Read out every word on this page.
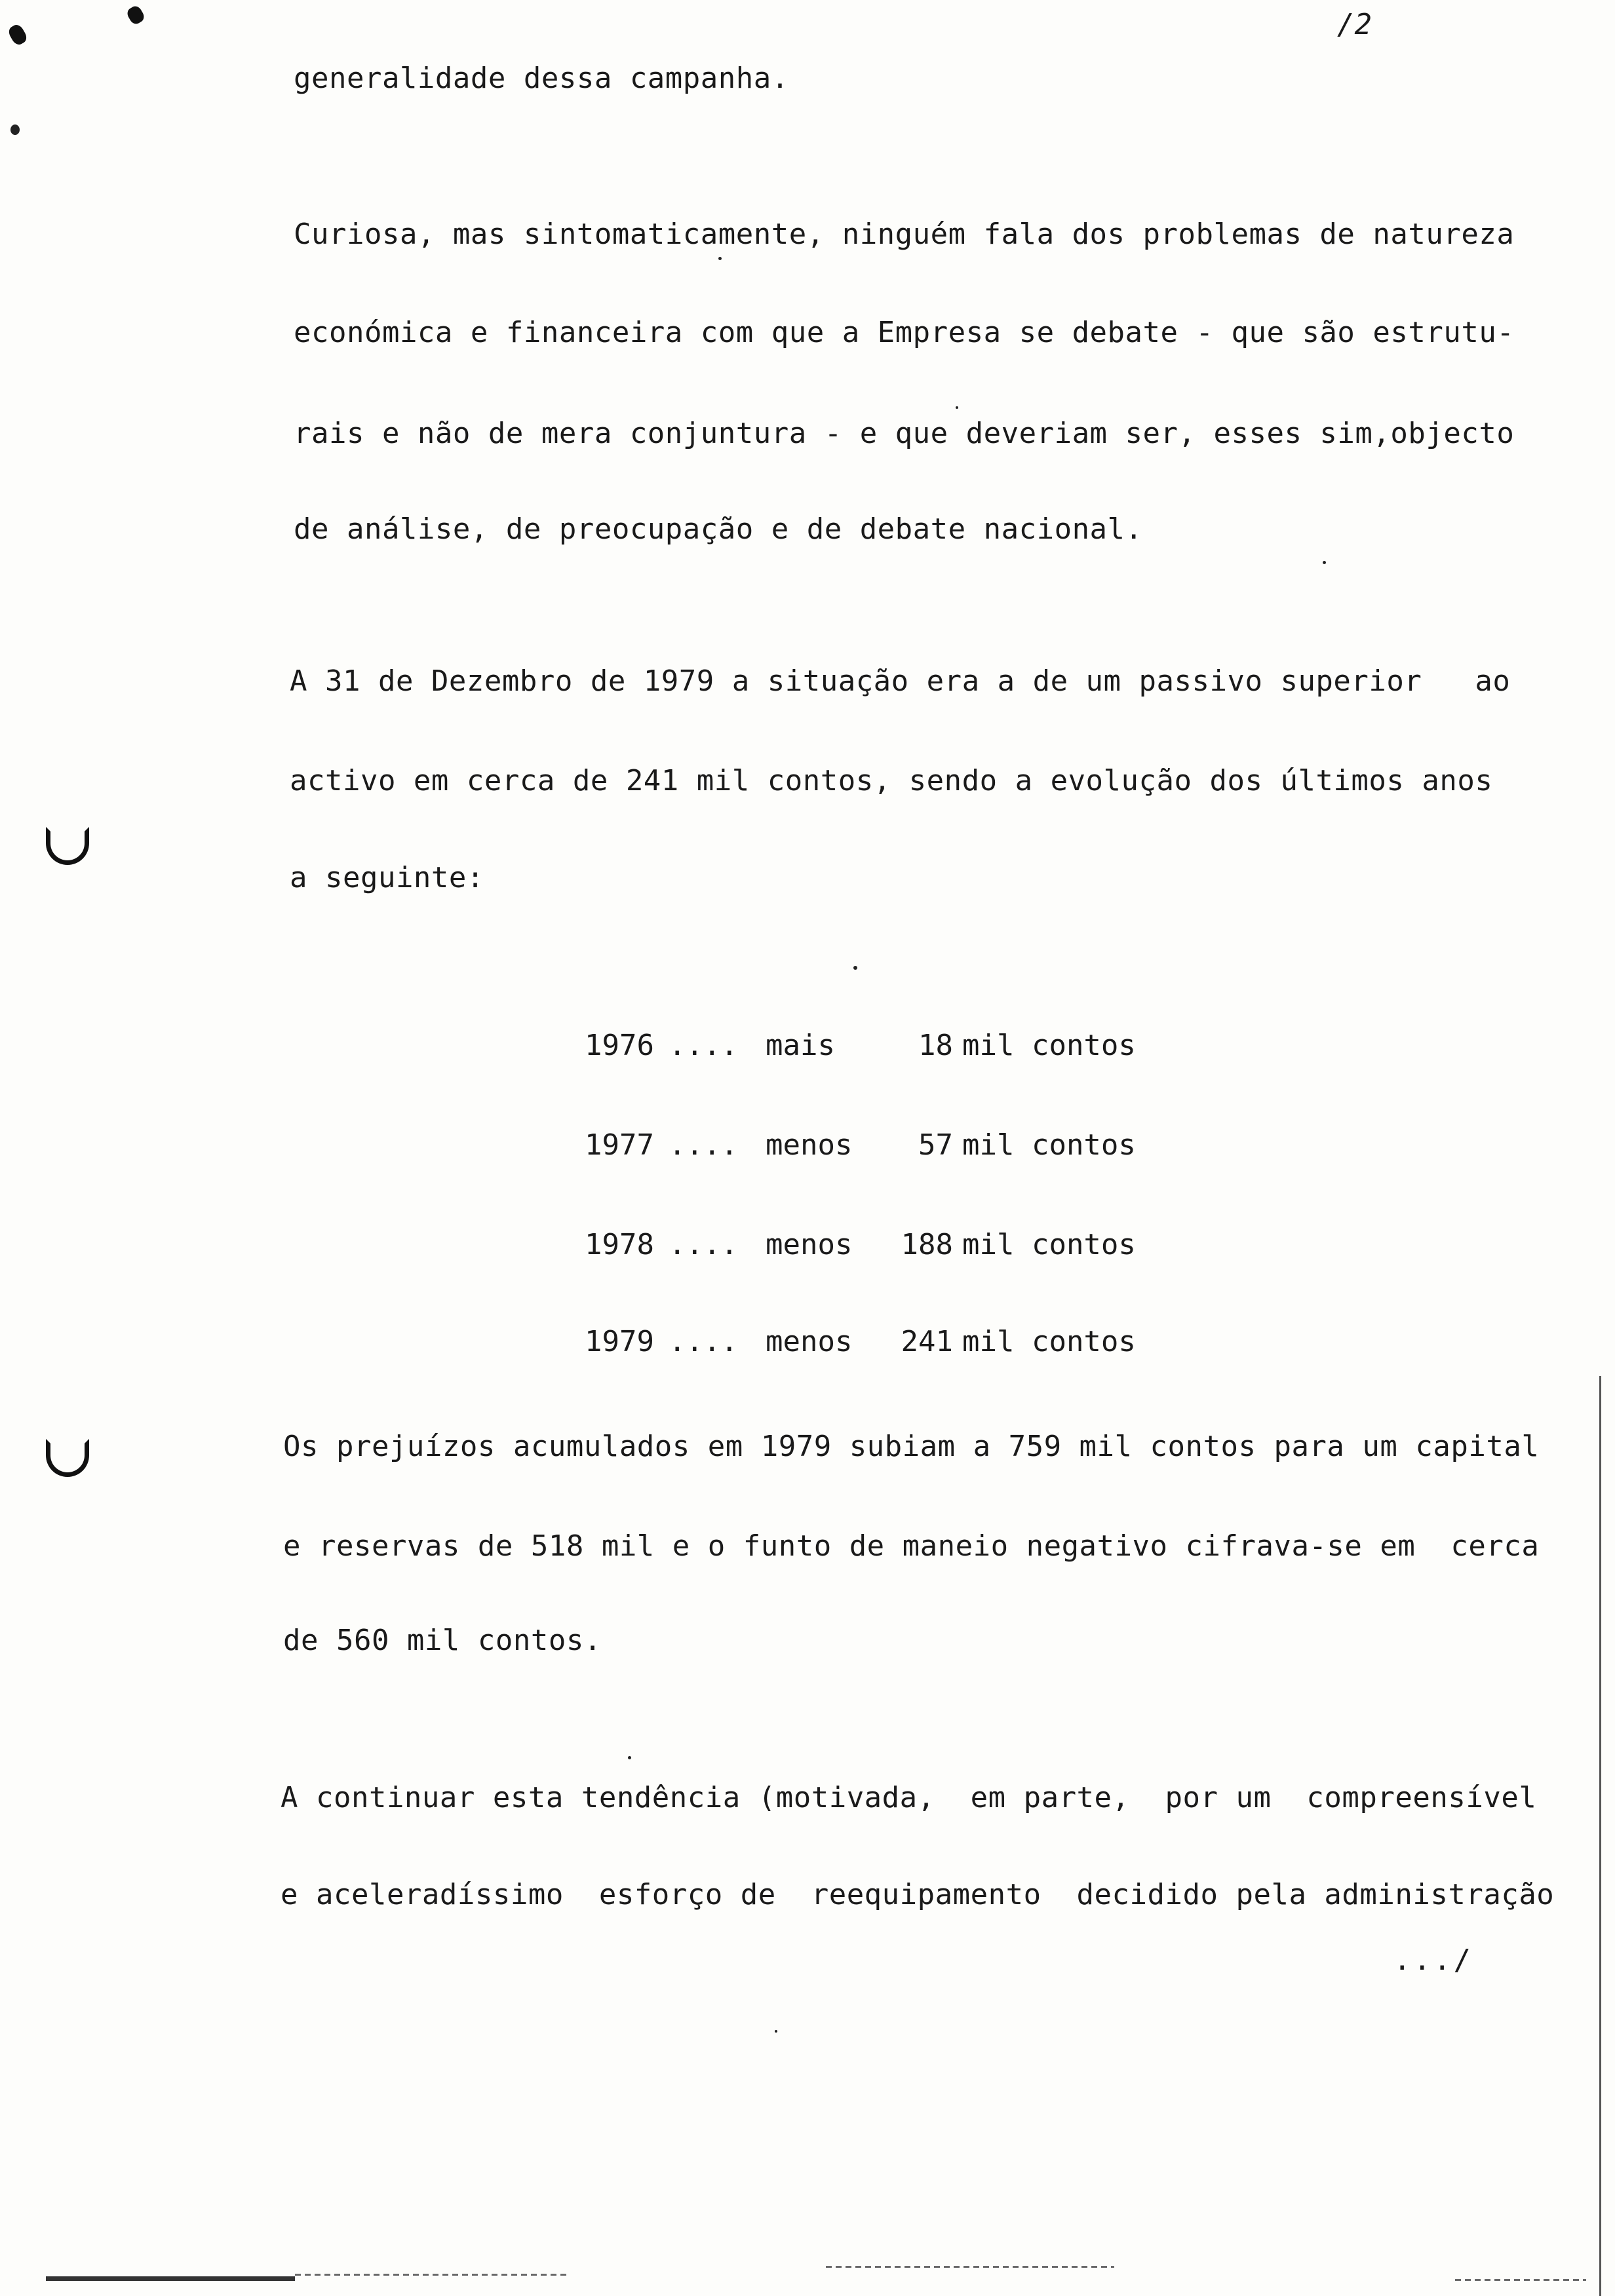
/2
generalidade dessa campanha.
Curiosa, mas sintomaticamente, ninguém fala dos problemas de natureza
económica e financeira com que a Empresa se debate - que são estrutu-
rais e não de mera conjuntura - e que deveriam ser, esses sim,objecto
de análise, de preocupação e de debate nacional.
A 31 de Dezembro de 1979 a situação era a de um passivo superior   ao
activo em cerca de 241 mil contos, sendo a evolução dos últimos anos
a seguinte:
1976 .... mais	18 mil contos
1977 .... menos	57 mil contos
1978 .... menos	188 mil contos
1979 .... menos	241 mil contos
Os prejuízos acumulados em 1979 subiam a 759 mil contos para um capital
e reservas de 518 mil e o funto de maneio negativo cifrava-se em  cerca
de 560 mil contos.
A continuar esta tendência (motivada,  em parte,  por um  compreensível
e aceleradíssimo  esforço de  reequipamento  decidido pela administração
.../
